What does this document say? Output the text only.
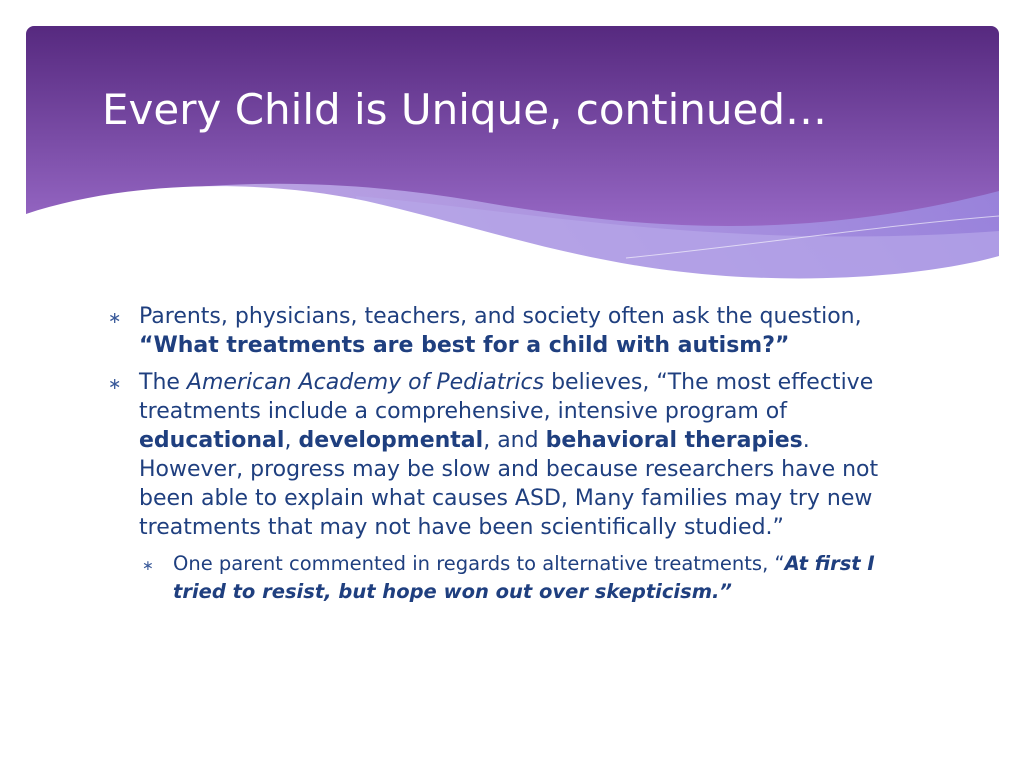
Every Child is Unique, continued…

∗ Parents, physicians, teachers, and society often ask the question, “What treatments are best for a child with autism?”

∗ The American Academy of Pediatrics believes, “The most effective treatments include a comprehensive, intensive program of educational, developmental, and behavioral therapies. However, progress may be slow and because researchers have not been able to explain what causes ASD, Many families may try new treatments that may not have been scientifically studied.”

∗ One parent commented in regards to alternative treatments, “At first I tried to resist, but hope won out over skepticism.”
